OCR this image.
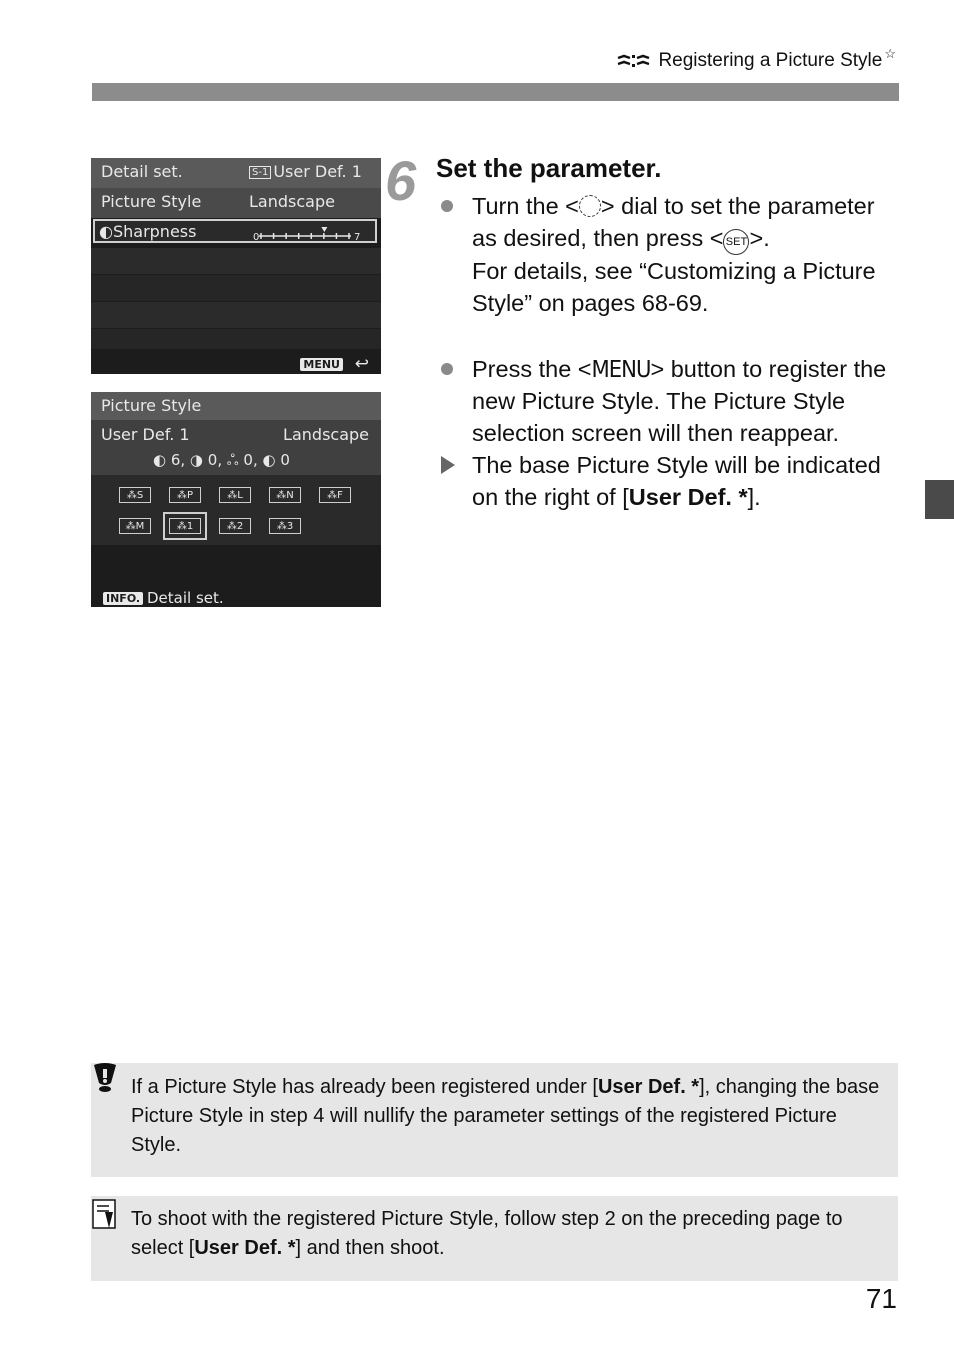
Registering a Picture Style ☆
Detail set.	S-1 User Def. 1
Picture Style	Landscape
◐Sharpness	0	7
MENU ↩
Picture Style
User Def. 1	Landscape
◐ 6, ◑ 0, ஃ 0, ◐ 0
⁂S	⁂P	⁂L	⁂N	⁂F
⁂M	⁂1	⁂2	⁂3
INFO. Detail set.
6 Set the parameter.
Turn the < > dial to set the parameter as desired, then press < SET>.
For details, see “Customizing a Picture Style” on pages 68-69.
Press the <MENU> button to register the new Picture Style. The Picture Style selection screen will then reappear.
The base Picture Style will be indicated on the right of [User Def. *].
If a Picture Style has already been registered under [User Def. *], changing the base Picture Style in step 4 will nullify the parameter settings of the registered Picture Style.
To shoot with the registered Picture Style, follow step 2 on the preceding page to select [User Def. *] and then shoot.
71
